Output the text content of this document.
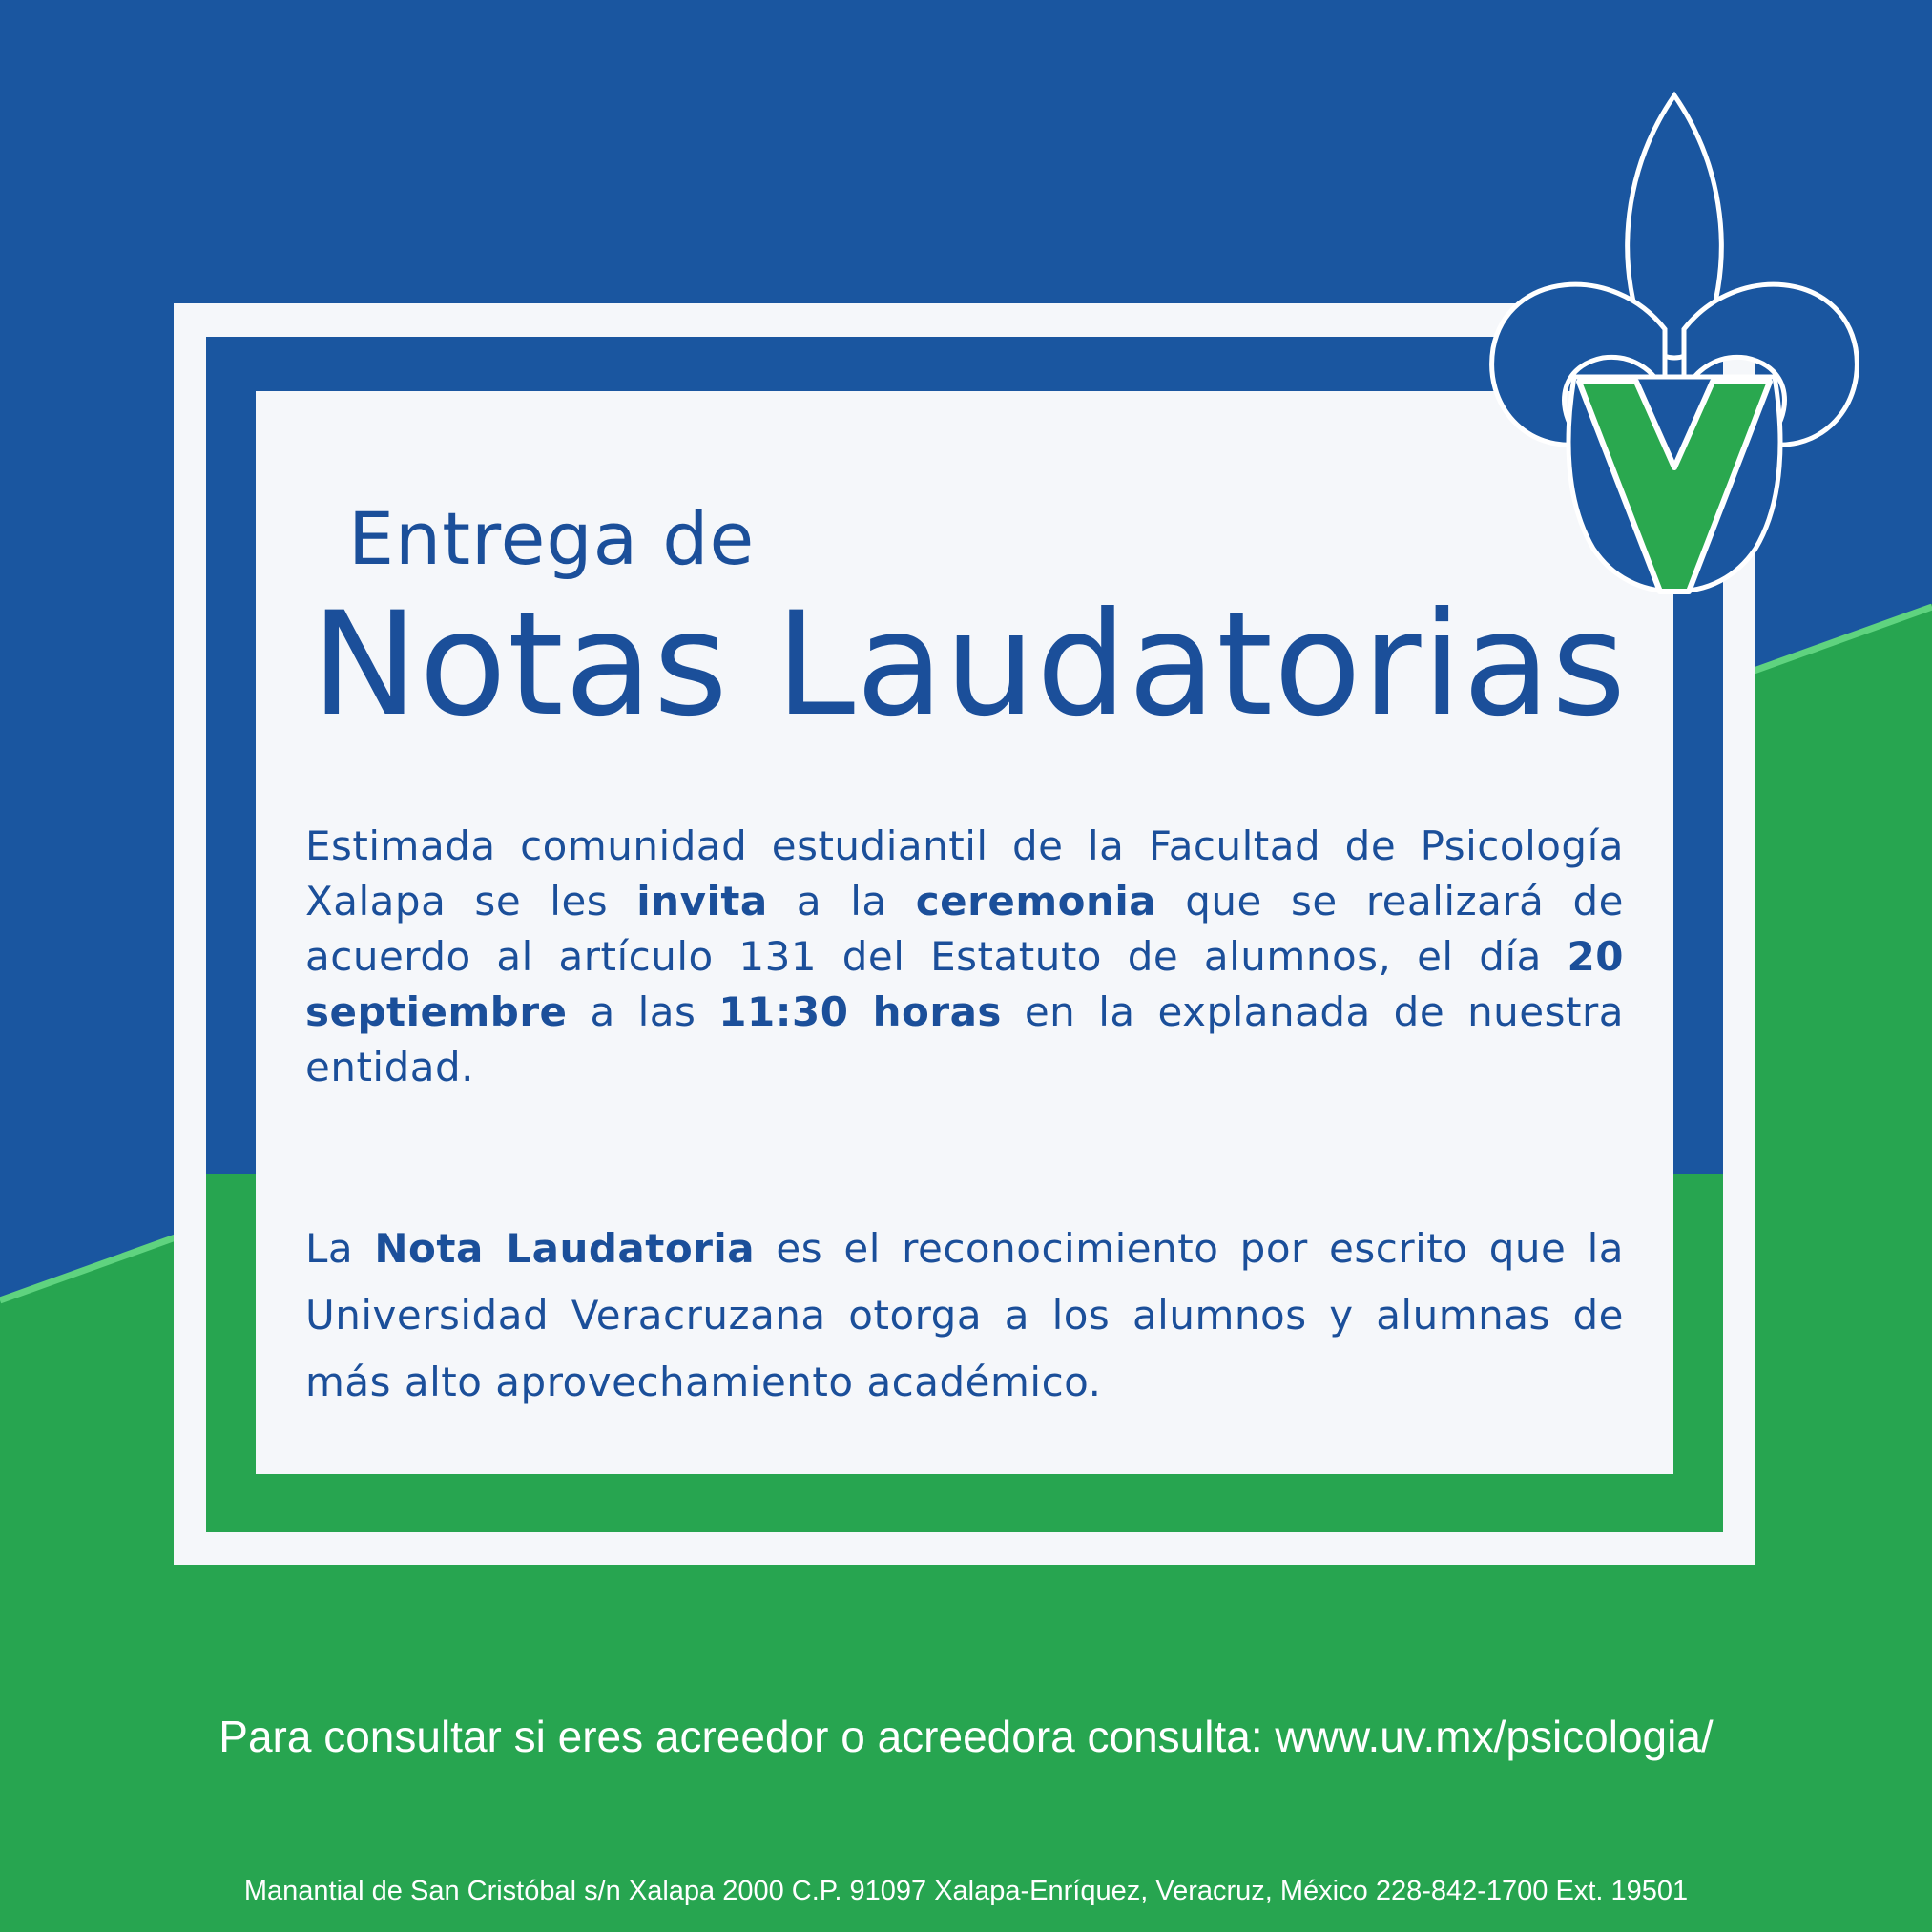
Entrega de
Notas Laudatorias
Estimada comunidad estudiantil de la Facultad de Psicología Xalapa se les invita a la ceremonia que se realizará de acuerdo al artículo 131 del Estatuto de alumnos, el día 20 septiembre a las 11:30 horas en la explanada de nuestra entidad.
La Nota Laudatoria es el reconocimiento por escrito que la Universidad Veracruzana otorga a los alumnos y alumnas de más alto aprovechamiento académico.
Para consultar si eres acreedor o acreedora consulta: www.uv.mx/psicologia/
Manantial de San Cristóbal s/n Xalapa 2000 C.P. 91097 Xalapa-Enríquez, Veracruz, México 228-842-1700 Ext. 19501
